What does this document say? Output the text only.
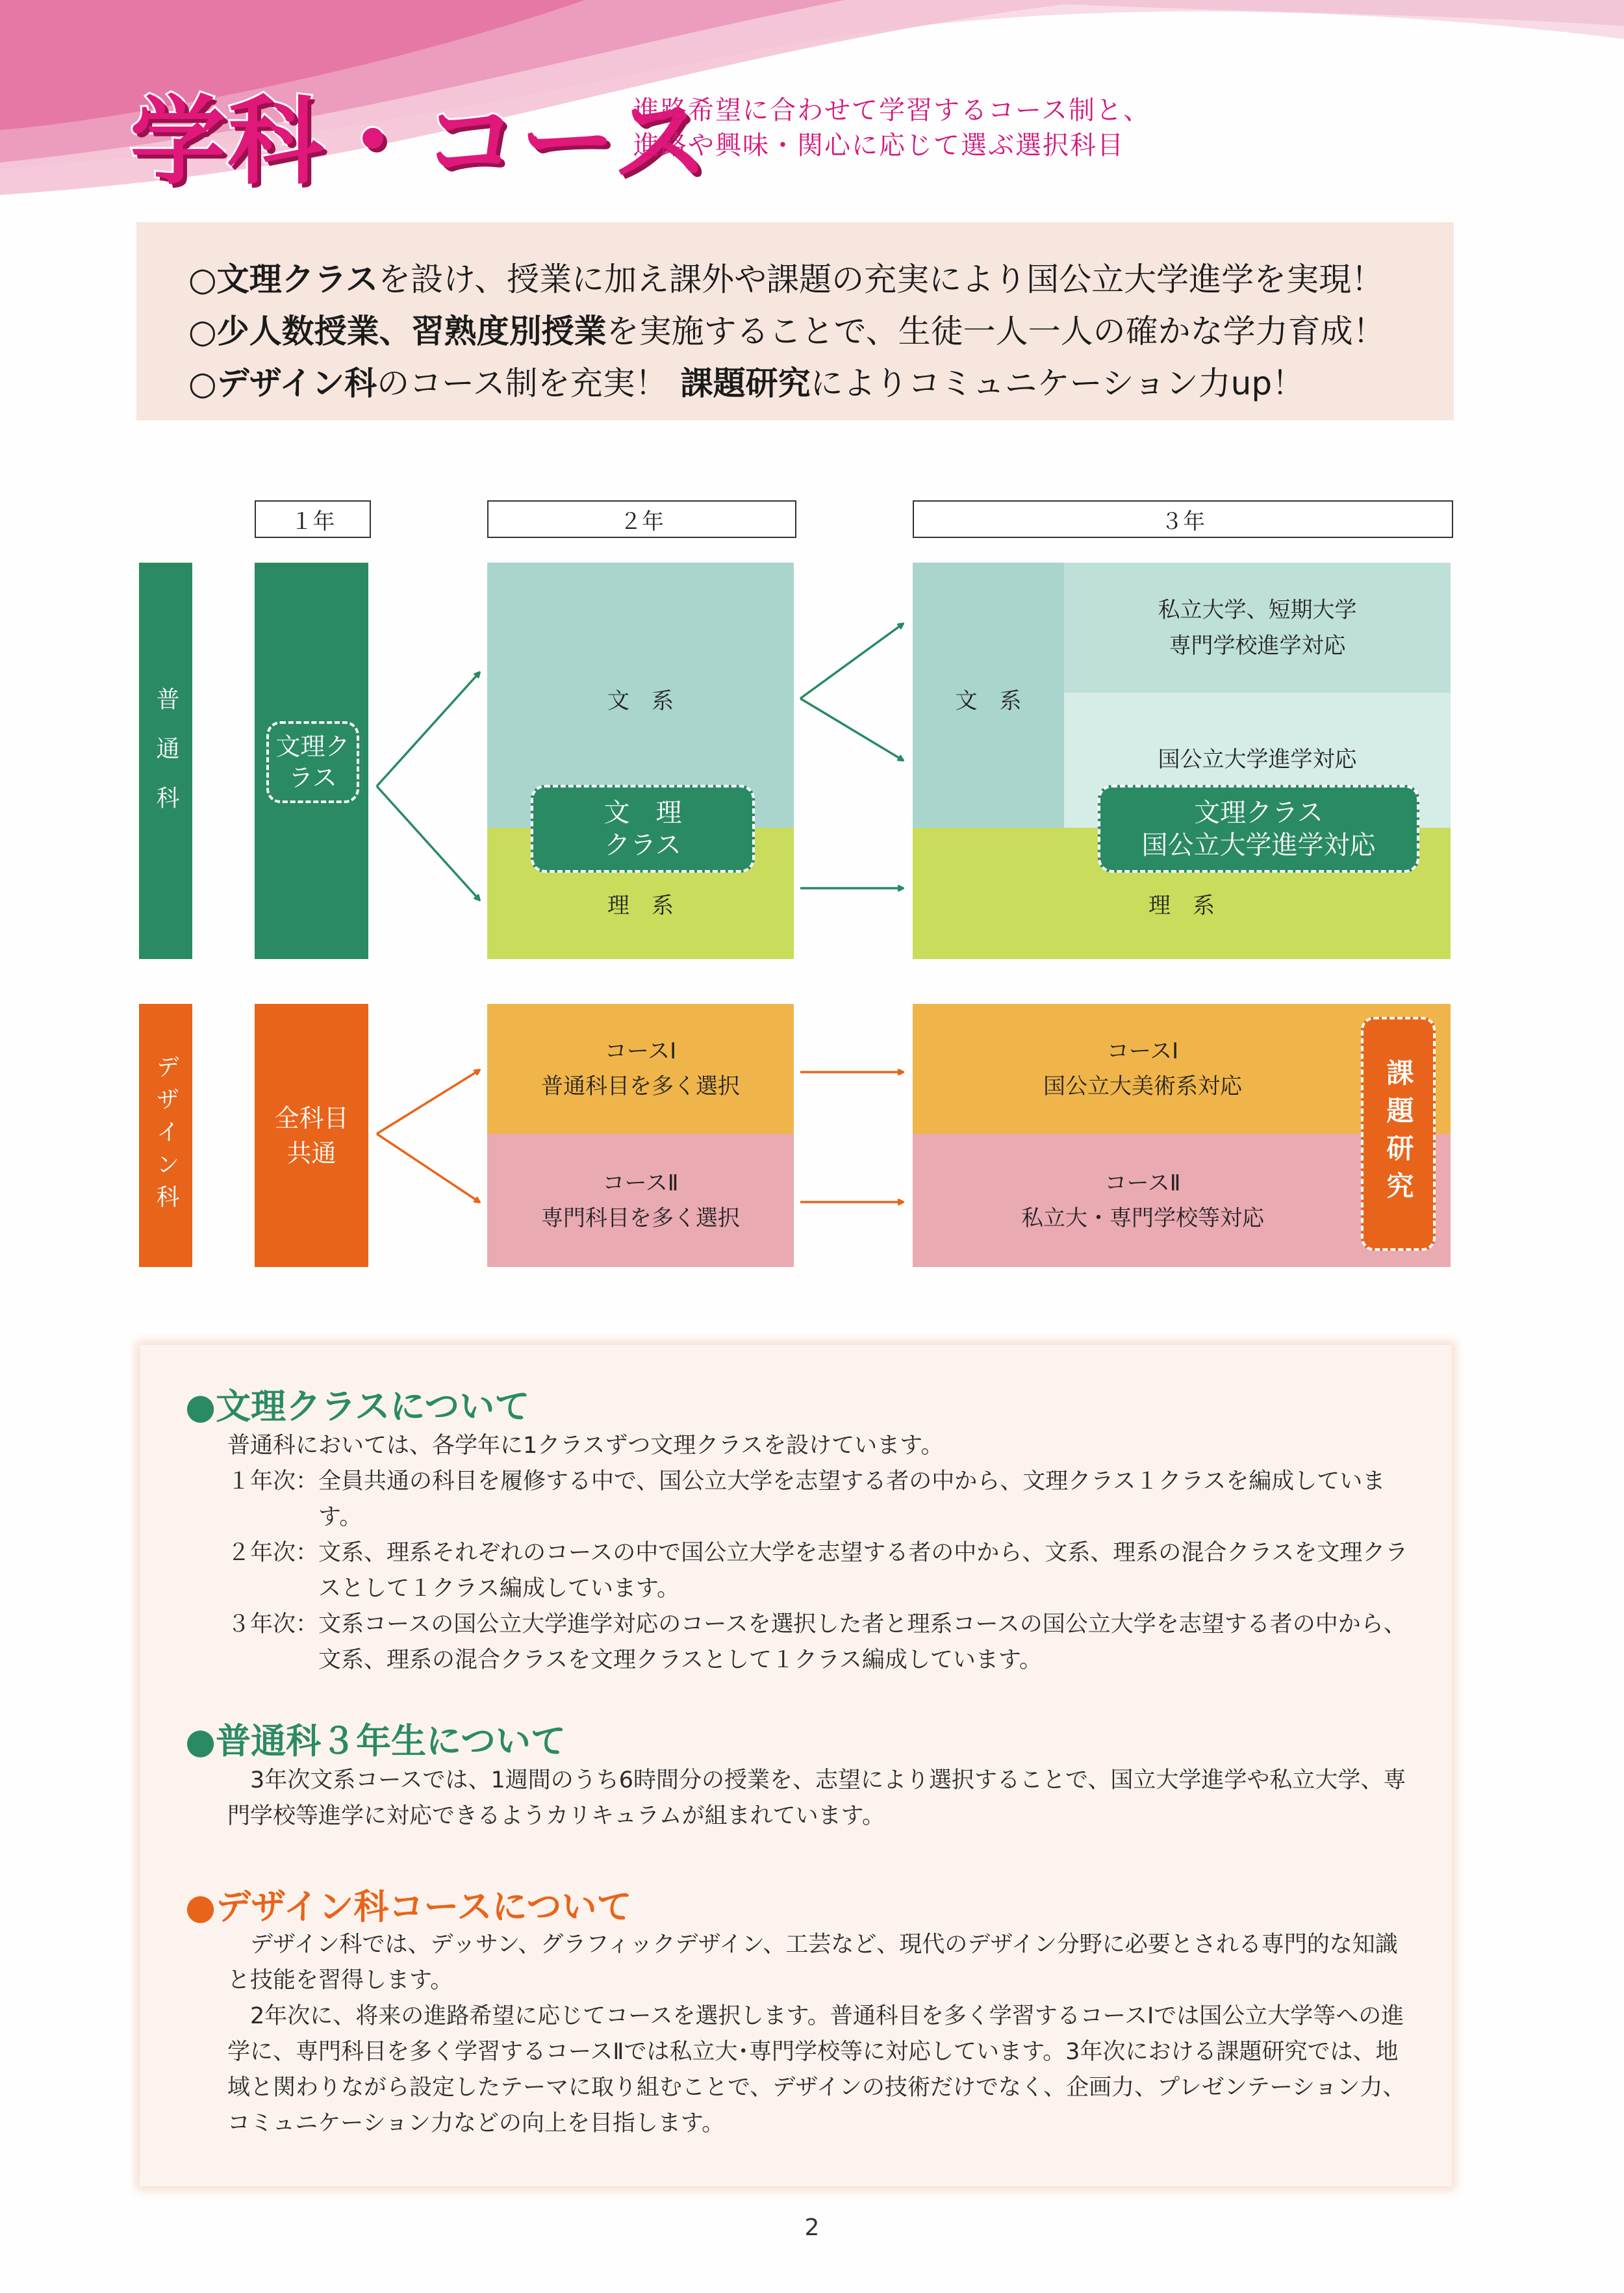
学科・コース
進路希望に合わせて学習するコース制と、
進路や興味・関心に応じて選ぶ選択科目
○文理クラスを設け、授業に加え課外や課題の充実により国公立大学進学を実現！
○少人数授業、習熟度別授業を実施することで、生徒一人一人の確かな学力育成！
○デザイン科のコース制を充実！ 課題研究によりコミュニケーション力up！
１年	２年	３年
普通科	文理クラス
文　系
理　系
文　理
クラス
文　系
私立大学、短期大学
専門学校進学対応
国公立大学進学対応
理　系
文理クラス
国公立大学進学対応
デザイン科	全科目
共通
コースⅠ
普通科目を多く選択
コースⅡ
専門科目を多く選択
コースⅠ
国公立大美術系対応
コースⅡ
私立大・専門学校等対応
課題研究
●文理クラスについて
普通科においては、各学年に1クラスずつ文理クラスを設けています。
１年次： 全員共通の科目を履修する中で、国公立大学を志望する者の中から、文理クラス１クラスを編成しています。
２年次： 文系、理系それぞれのコースの中で国公立大学を志望する者の中から、文系、理系の混合クラスを文理クラスとして１クラス編成しています。
３年次： 文系コースの国公立大学進学対応のコースを選択した者と理系コースの国公立大学を志望する者の中から、文系、理系の混合クラスを文理クラスとして１クラス編成しています。
●普通科３年生について
3年次文系コースでは、1週間のうち6時間分の授業を、志望により選択することで、国立大学進学や私立大学、専門学校等進学に対応できるようカリキュラムが組まれています。
●デザイン科コースについて
デザイン科では、デッサン、グラフィックデザイン、工芸など、現代のデザイン分野に必要とされる専門的な知識と技能を習得します。
2年次に、将来の進路希望に応じてコースを選択します。普通科目を多く学習するコースⅠでは国公立大学等への進学に、専門科目を多く学習するコースⅡでは私立大･専門学校等に対応しています。3年次における課題研究では、地域と関わりながら設定したテーマに取り組むことで、デザインの技術だけでなく、企画力、プレゼンテーション力、コミュニケーション力などの向上を目指します。
2
